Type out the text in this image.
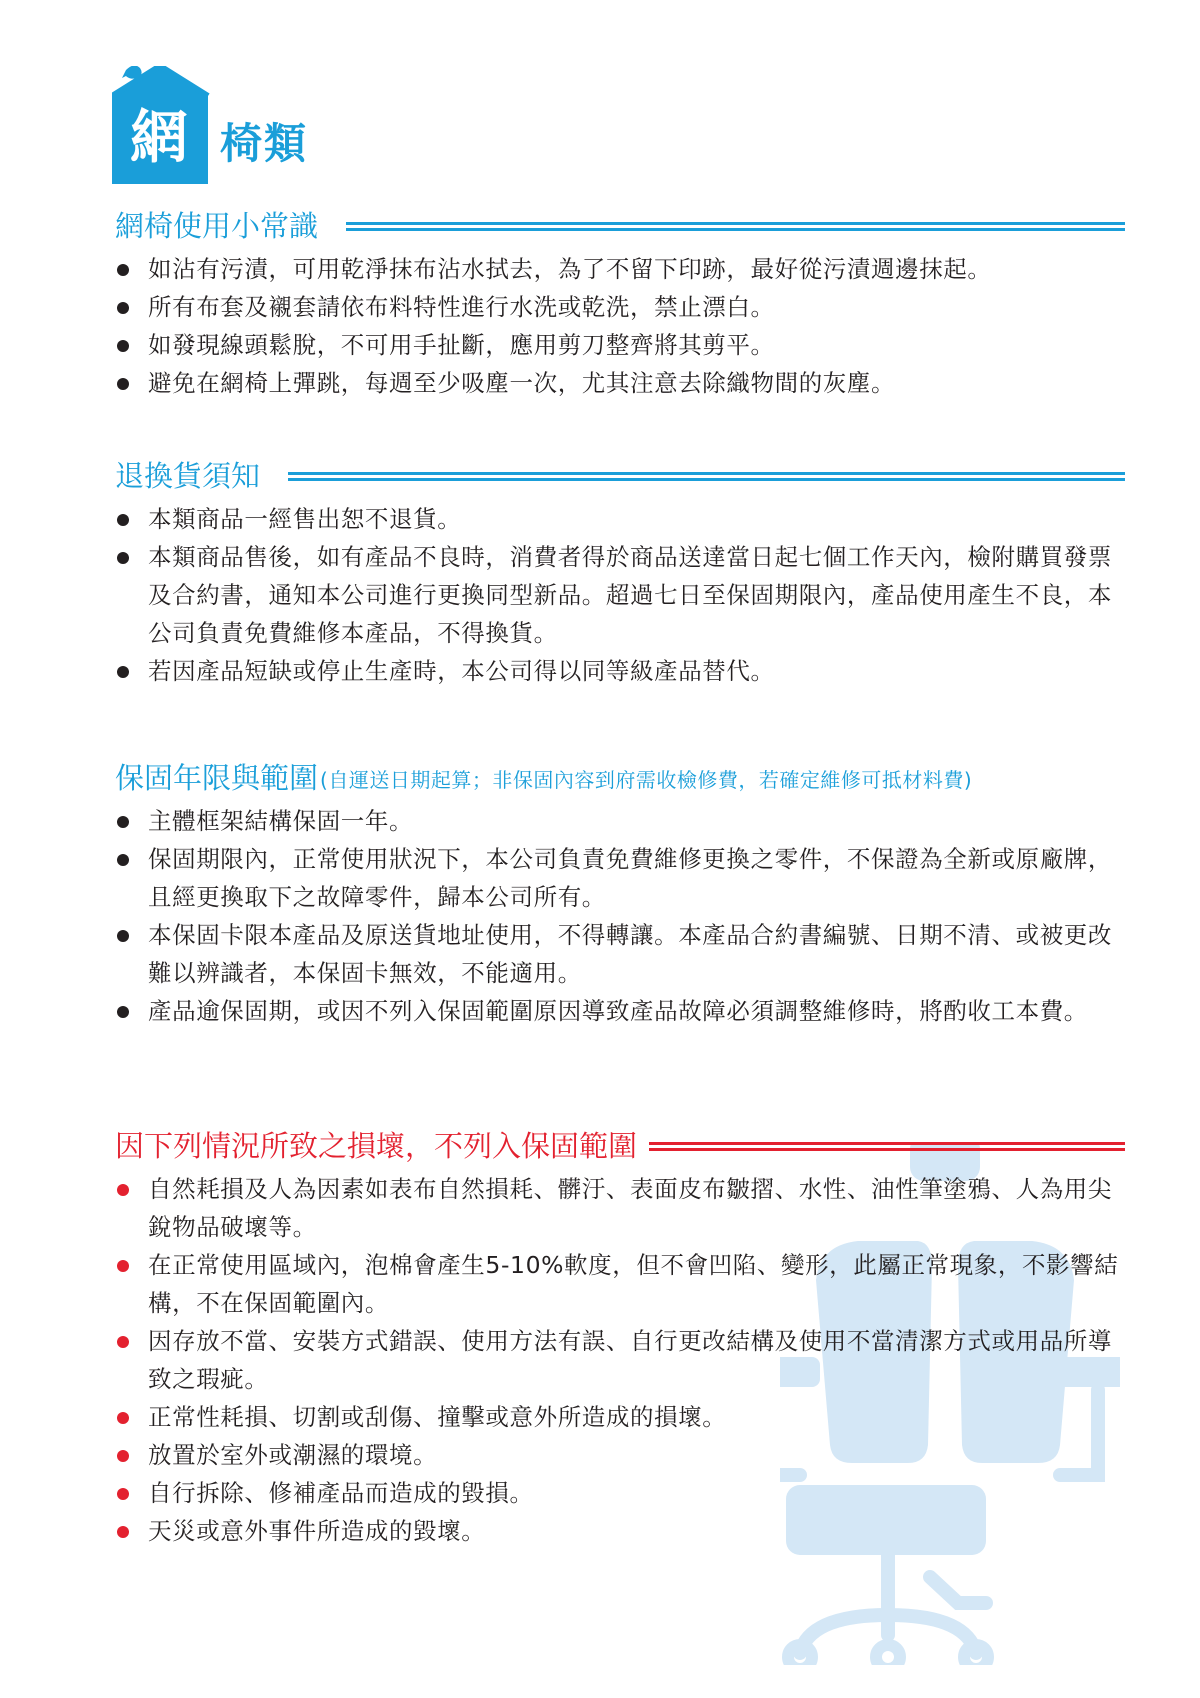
網 椅類
網椅使用小常識
如沾有污漬，可用乾淨抹布沾水拭去，為了不留下印跡，最好從污漬週邊抹起。
所有布套及襯套請依布料特性進行水洗或乾洗，禁止漂白。
如發現線頭鬆脫，不可用手扯斷，應用剪刀整齊將其剪平。
避免在網椅上彈跳，每週至少吸塵一次，尤其注意去除織物間的灰塵。
退換貨須知
本類商品一經售出恕不退貨。
本類商品售後，如有產品不良時，消費者得於商品送達當日起七個工作天內，檢附購買發票及合約書，通知本公司進行更換同型新品。超過七日至保固期限內，產品使用產生不良，本公司負責免費維修本產品，不得換貨。
若因產品短缺或停止生產時，本公司得以同等級產品替代。
保固年限與範圍 (自運送日期起算；非保固內容到府需收檢修費，若確定維修可抵材料費)
主體框架結構保固一年。
保固期限內，正常使用狀況下，本公司負責免費維修更換之零件，不保證為全新或原廠牌，且經更換取下之故障零件，歸本公司所有。
本保固卡限本產品及原送貨地址使用，不得轉讓。本產品合約書編號、日期不清、或被更改難以辨識者，本保固卡無效，不能適用。
產品逾保固期，或因不列入保固範圍原因導致產品故障必須調整維修時，將酌收工本費。
因下列情況所致之損壞，不列入保固範圍
自然耗損及人為因素如表布自然損耗、髒汙、表面皮布皺摺、水性、油性筆塗鴉、人為用尖銳物品破壞等。
在正常使用區域內，泡棉會產生5-10%軟度，但不會凹陷、變形，此屬正常現象，不影響結構，不在保固範圍內。
因存放不當、安裝方式錯誤、使用方法有誤、自行更改結構及使用不當清潔方式或用品所導致之瑕疵。
正常性耗損、切割或刮傷、撞擊或意外所造成的損壞。
放置於室外或潮濕的環境。
自行拆除、修補產品而造成的毀損。
天災或意外事件所造成的毀壞。
